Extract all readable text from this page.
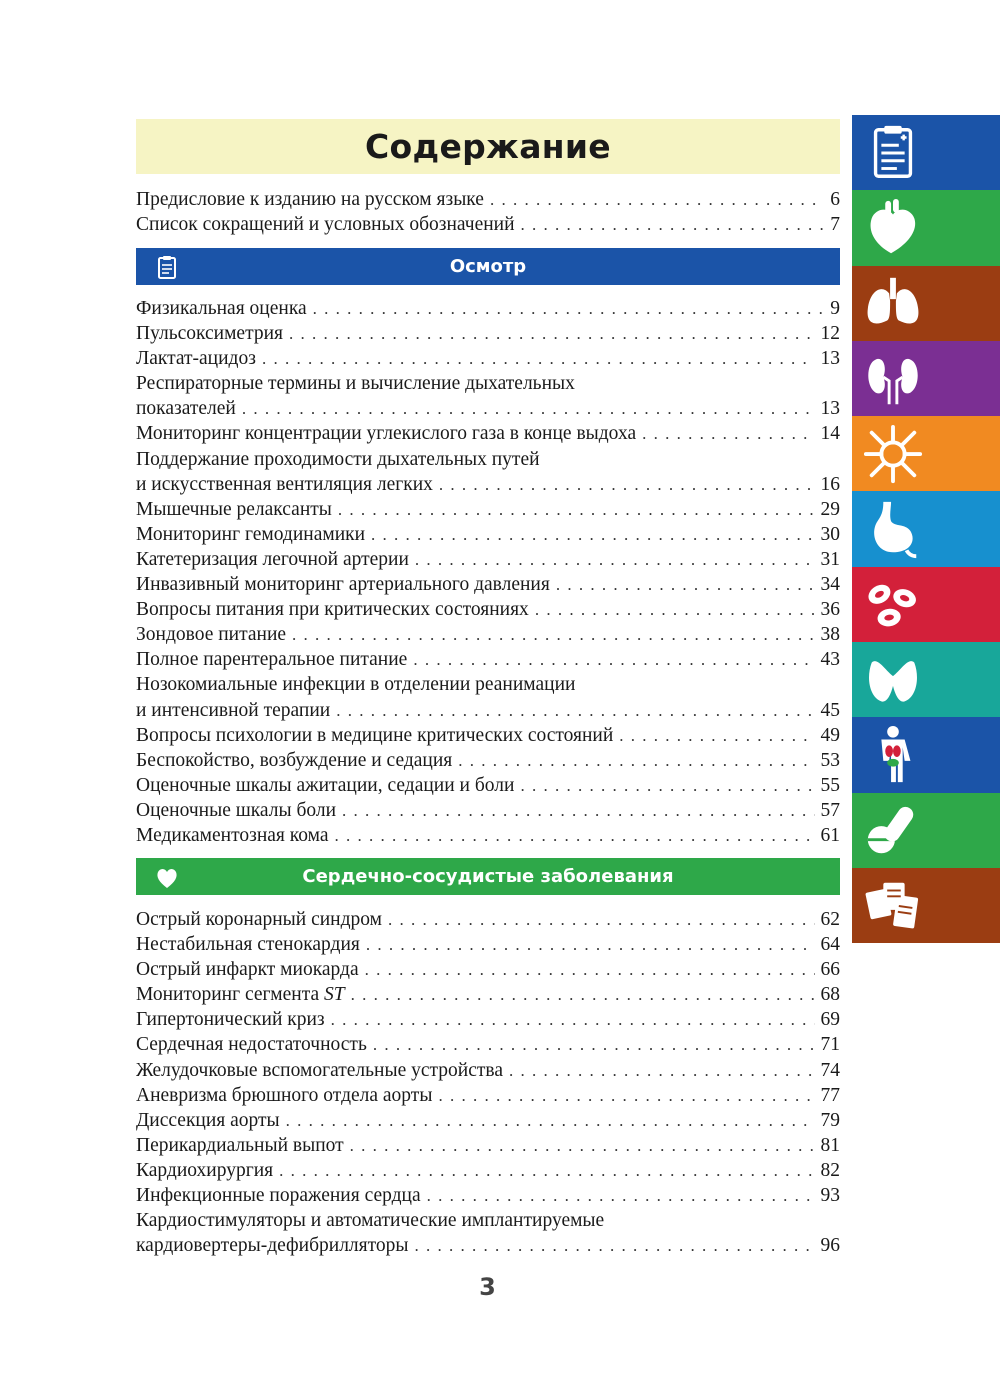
Содержание
Предисловие к изданию на русском языке . . .	6
Список сокращений и условных обозначений . . .	7
Осмотр
Физикальная оценка . . .	9
Пульсоксиметрия . . .	12
Лактат-ацидоз . . .	13
Респираторные термины и вычисление дыхательных
показателей . . .	13
Мониторинг концентрации углекислого газа в конце выдоха . . .	14
Поддержание проходимости дыхательных путей
и искусственная вентиляция легких . . .	16
Мышечные релаксанты . . .	29
Мониторинг гемодинамики . . .	30
Катетеризация легочной артерии . . .	31
Инвазивный мониторинг артериального давления . . .	34
Вопросы питания при критических состояниях . . .	36
Зондовое питание . . .	38
Полное парентеральное питание . . .	43
Нозокомиальные инфекции в отделении реанимации
и интенсивной терапии . . .	45
Вопросы психологии в медицине критических состояний . . .	49
Беспокойство, возбуждение и седация . . .	53
Оценочные шкалы ажитации, седации и боли . . .	55
Оценочные шкалы боли . . .	57
Медикаментозная кома . . .	61
Сердечно-сосудистые заболевания
Острый коронарный синдром . . .	62
Нестабильная стенокардия . . .	64
Острый инфаркт миокарда . . .	66
Мониторинг сегмента ST . . .	68
Гипертонический криз . . .	69
Сердечная недостаточность . . .	71
Желудочковые вспомогательные устройства . . .	74
Аневризма брюшного отдела аорты . . .	77
Диссекция аорты . . .	79
Перикардиальный выпот . . .	81
Кардиохирургия . . .	82
Инфекционные поражения сердца . . .	93
Кардиостимуляторы и автоматические имплантируемые
кардиовертеры-дефибрилляторы . . .	96
3
